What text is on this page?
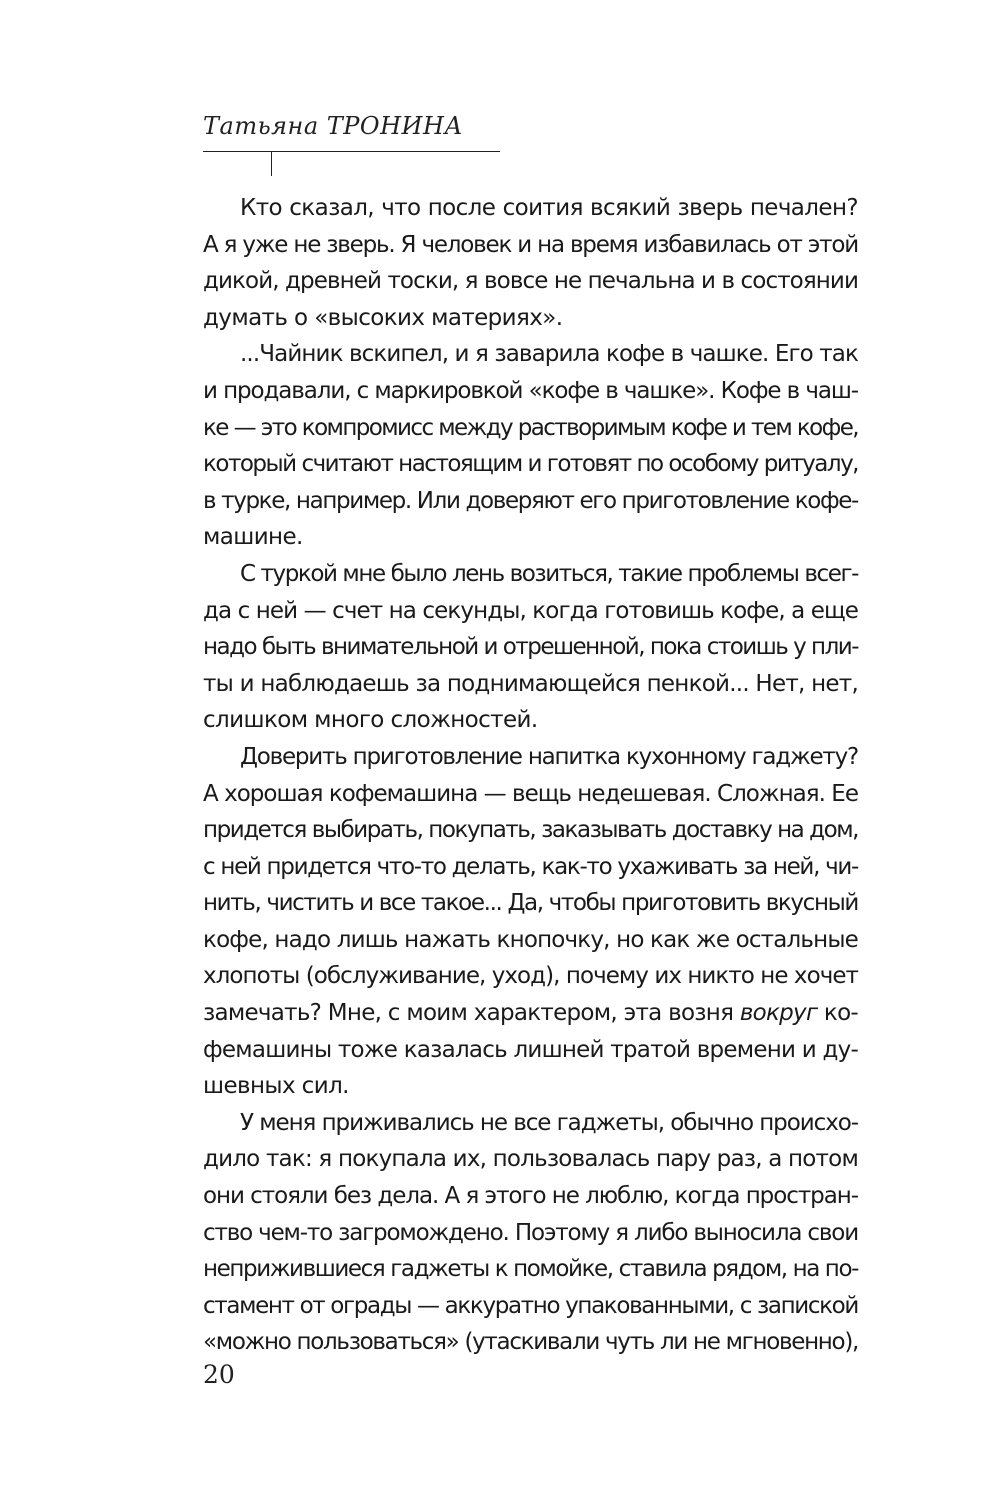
Татьяна ТРОНИНА
Кто сказал, что после соития всякий зверь печален?
А я уже не зверь. Я человек и на время избавилась от этой
дикой, древней тоски, я вовсе не печальна и в состоянии
думать о «высоких материях».
...Чайник вскипел, и я заварила кофе в чашке. Его так
и продавали, с маркировкой «кофе в чашке». Кофе в чаш-
ке — это компромисс между растворимым кофе и тем кофе,
который считают настоящим и готовят по особому ритуалу,
в турке, например. Или доверяют его приготовление кофе-
машине.
С туркой мне было лень возиться, такие проблемы всег-
да с ней — счет на секунды, когда готовишь кофе, а еще
надо быть внимательной и отрешенной, пока стоишь у пли-
ты и наблюдаешь за поднимающейся пенкой... Нет, нет,
слишком много сложностей.
Доверить приготовление напитка кухонному гаджету?
А хорошая кофемашина — вещь недешевая. Сложная. Ее
придется выбирать, покупать, заказывать доставку на дом,
с ней придется что-то делать, как-то ухаживать за ней, чи-
нить, чистить и все такое... Да, чтобы приготовить вкусный
кофе, надо лишь нажать кнопочку, но как же остальные
хлопоты (обслуживание, уход), почему их никто не хочет
замечать? Мне, с моим характером, эта возня вокруг ко-
фемашины тоже казалась лишней тратой времени и ду-
шевных сил.
У меня приживались не все гаджеты, обычно происхо-
дило так: я покупала их, пользовалась пару раз, а потом
они стояли без дела. А я этого не люблю, когда простран-
ство чем-то загромождено. Поэтому я либо выносила свои
неприжившиеся гаджеты к помойке, ставила рядом, на по-
стамент от ограды — аккуратно упакованными, с запиской
«можно пользоваться» (утаскивали чуть ли не мгновенно),
20
